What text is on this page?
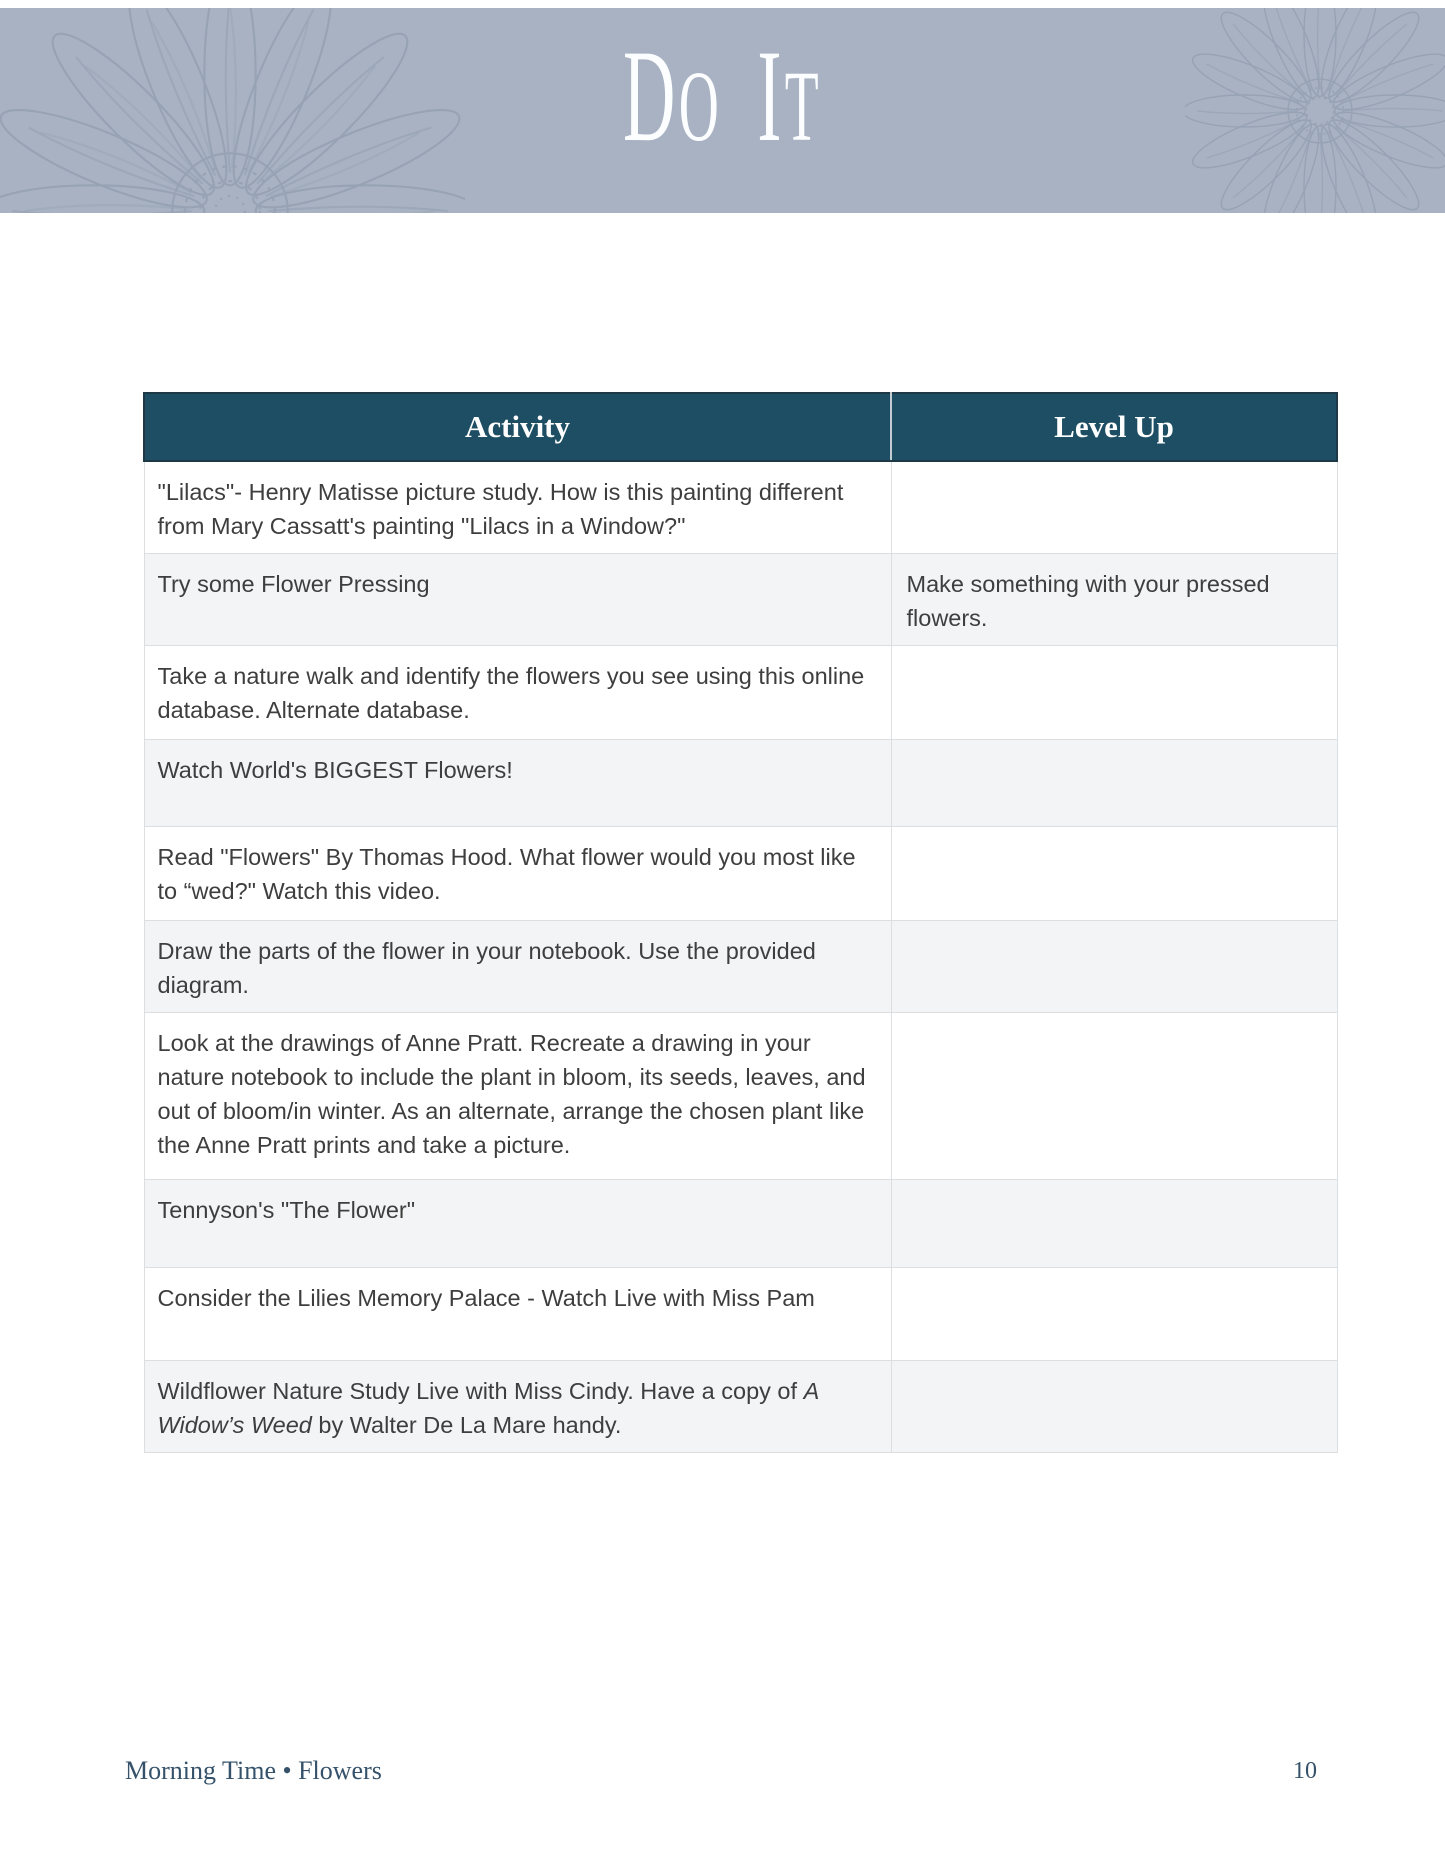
DO IT
Activity	Level Up
"Lilacs"- Henry Matisse picture study. How is this painting different from Mary Cassatt's painting "Lilacs in a Window?"	
Try some Flower Pressing	Make something with your pressed flowers.
Take a nature walk and identify the flowers you see using this online database. Alternate database.	
Watch World's BIGGEST Flowers!	
Read "Flowers" By Thomas Hood. What flower would you most like to “wed?" Watch this video.	
Draw the parts of the flower in your notebook. Use the provided diagram.	
Look at the drawings of Anne Pratt. Recreate a drawing in your nature notebook to include the plant in bloom, its seeds, leaves, and out of bloom/in winter. As an alternate, arrange the chosen plant like the Anne Pratt prints and take a picture.	
Tennyson's "The Flower"	
Consider the Lilies Memory Palace - Watch Live with Miss Pam	
Wildflower Nature Study Live with Miss Cindy. Have a copy of A Widow’s Weed by Walter De La Mare handy.	
Morning Time • Flowers	10
